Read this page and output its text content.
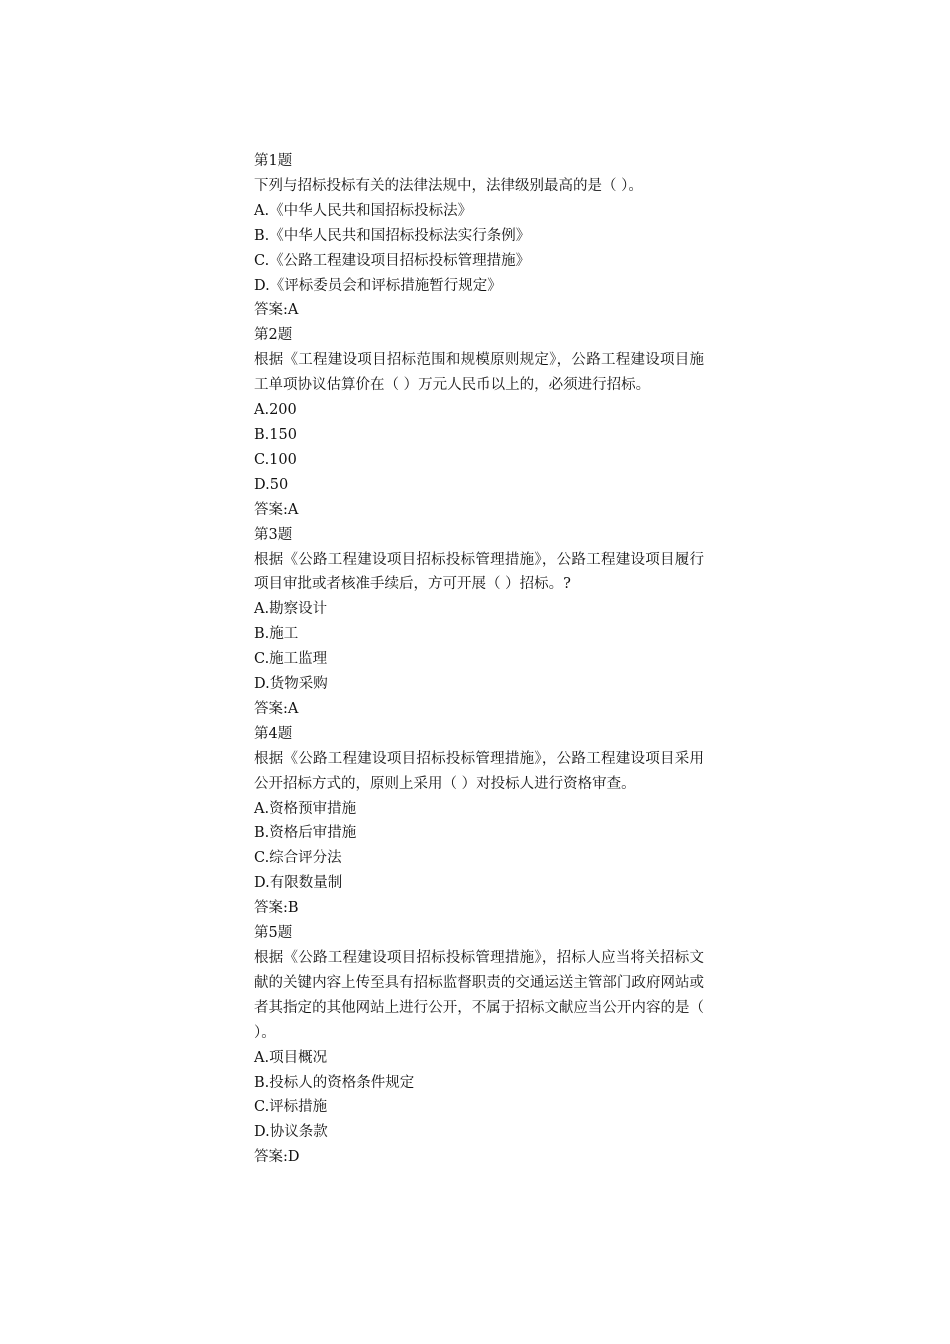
第1题
下列与招标投标有关的法律法规中，法律级别最高的是（ ）。
A.《中华人民共和国招标投标法》
B.《中华人民共和国招标投标法实行条例》
C.《公路工程建设项目招标投标管理措施》
D.《评标委员会和评标措施暂行规定》
答案:A
第2题
根据《工程建设项目招标范围和规模原则规定》，公路工程建设项目施工单项协议估算价在（ ）万元人民币以上的，必须进行招标。
A.200
B.150
C.100
D.50
答案:A
第3题
根据《公路工程建设项目招标投标管理措施》，公路工程建设项目履行项目审批或者核准手续后，方可开展（ ）招标。?
A.勘察设计
B.施工
C.施工监理
D.货物采购
答案:A
第4题
根据《公路工程建设项目招标投标管理措施》，公路工程建设项目采用公开招标方式的，原则上采用（ ）对投标人进行资格审查。
A.资格预审措施
B.资格后审措施
C.综合评分法
D.有限数量制
答案:B
第5题
根据《公路工程建设项目招标投标管理措施》，招标人应当将关招标文献的关键内容上传至具有招标监督职责的交通运送主管部门政府网站或者其指定的其他网站上进行公开，不属于招标文献应当公开内容的是（ ）。
A.项目概况
B.投标人的资格条件规定
C.评标措施
D.协议条款
答案:D
